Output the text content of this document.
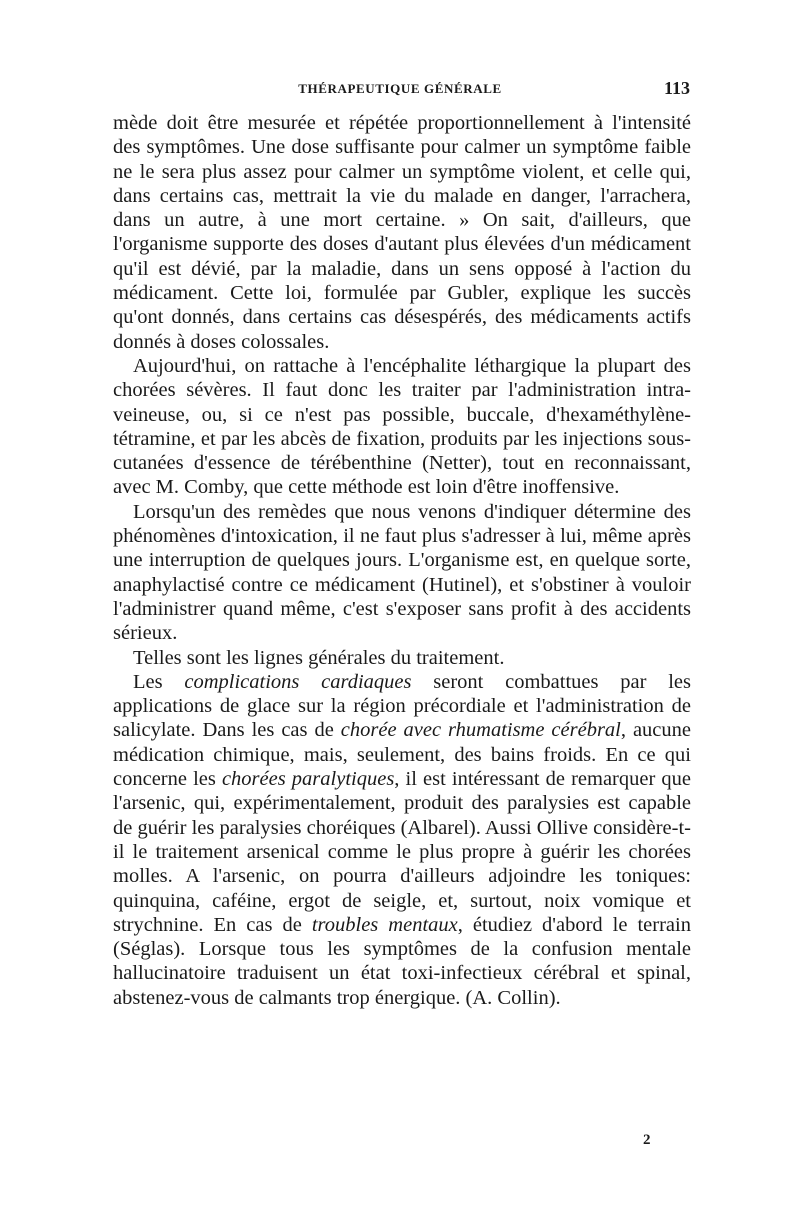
THÉRAPEUTIQUE GÉNÉRALE	113

mède doit être mesurée et répétée proportionnellement à l'intensité des symptômes. Une dose suffisante pour calmer un symptôme faible ne le sera plus assez pour calmer un symptôme violent, et celle qui, dans certains cas, mettrait la vie du malade en danger, l'arrachera, dans un autre, à une mort certaine. » On sait, d'ailleurs, que l'organisme supporte des doses d'autant plus élevées d'un médicament qu'il est dévié, par la maladie, dans un sens opposé à l'action du médicament. Cette loi, formulée par Gubler, explique les succès qu'ont donnés, dans certains cas désespérés, des médicaments actifs donnés à doses colossales.

Aujourd'hui, on rattache à l'encéphalite léthargique la plupart des chorées sévères. Il faut donc les traiter par l'administration intra-veineuse, ou, si ce n'est pas possible, buccale, d'hexaméthylène-tétramine, et par les abcès de fixation, produits par les injections sous-cutanées d'essence de térébenthine (Netter), tout en reconnaissant, avec M. Comby, que cette méthode est loin d'être inoffensive.

Lorsqu'un des remèdes que nous venons d'indiquer détermine des phénomènes d'intoxication, il ne faut plus s'adresser à lui, même après une interruption de quelques jours. L'organisme est, en quelque sorte, anaphylactisé contre ce médicament (Hutinel), et s'obstiner à vouloir l'administrer quand même, c'est s'exposer sans profit à des accidents sérieux.

Telles sont les lignes générales du traitement.

Les complications cardiaques seront combattues par les applications de glace sur la région précordiale et l'administration de salicylate. Dans les cas de chorée avec rhumatisme cérébral, aucune médication chimique, mais, seulement, des bains froids. En ce qui concerne les chorées paralytiques, il est intéressant de remarquer que l'arsenic, qui, expérimentalement, produit des paralysies est capable de guérir les paralysies choréiques (Albarel). Aussi Ollive considère-t-il le traitement arsenical comme le plus propre à guérir les chorées molles. A l'arsenic, on pourra d'ailleurs adjoindre les toniques: quinquina, caféine, ergot de seigle, et, surtout, noix vomique et strychnine. En cas de troubles mentaux, étudiez d'abord le terrain (Séglas). Lorsque tous les symptômes de la confusion mentale hallucinatoire traduisent un état toxi-infectieux cérébral et spinal, abstenez-vous de calmants trop énergique. (A. Collin).

2
